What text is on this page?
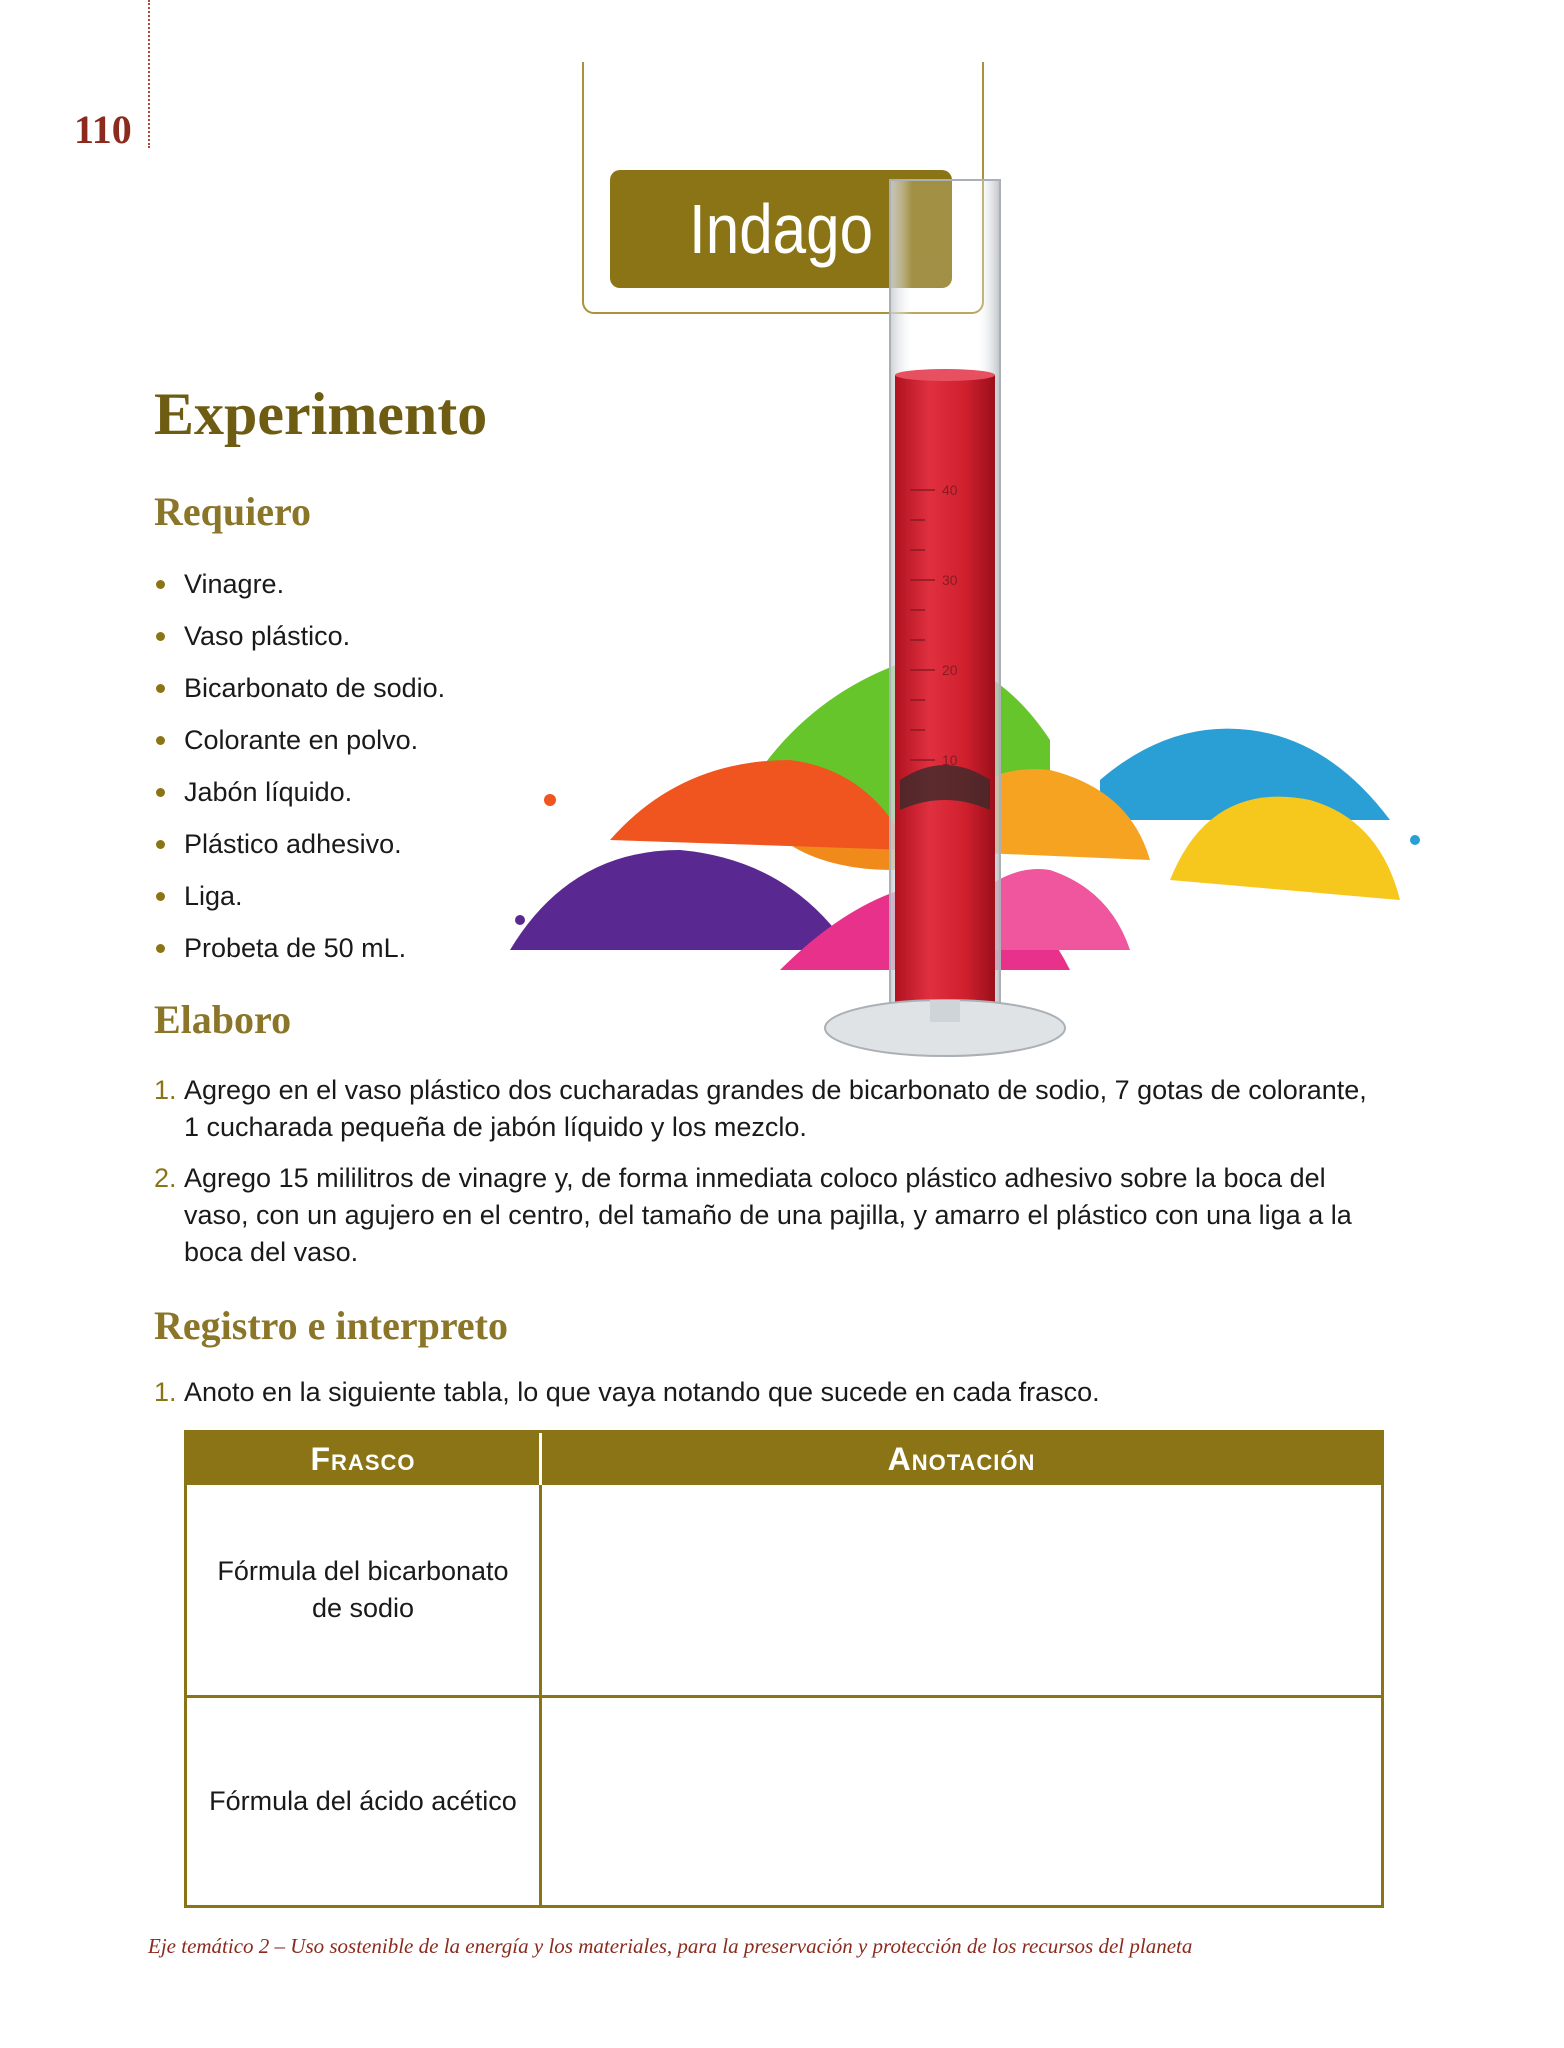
110
Indago
40
30
20
10
Experimento
Requiero
Vinagre.
Vaso plástico.
Bicarbonato de sodio.
Colorante en polvo.
Jabón líquido.
Plástico adhesivo.
Liga.
Probeta de 50 mL.
Elaboro
1. Agrego en el vaso plástico dos cucharadas grandes de bicarbonato de sodio, 7 gotas de colorante, 1 cucharada pequeña de jabón líquido y los mezclo.
2. Agrego 15 mililitros de vinagre y, de forma inmediata coloco plástico adhesivo sobre la boca del vaso, con un agujero en el centro, del tamaño de una pajilla, y amarro el plástico con una liga a la boca del vaso.
Registro e interpreto
1. Anoto en la siguiente tabla, lo que vaya notando que sucede en cada frasco.
Frasco	Anotación
Fórmula del bicarbonato de sodio
Fórmula del ácido acético
Eje temático 2 – Uso sostenible de la energía y los materiales, para la preservación y protección de los recursos del planeta
